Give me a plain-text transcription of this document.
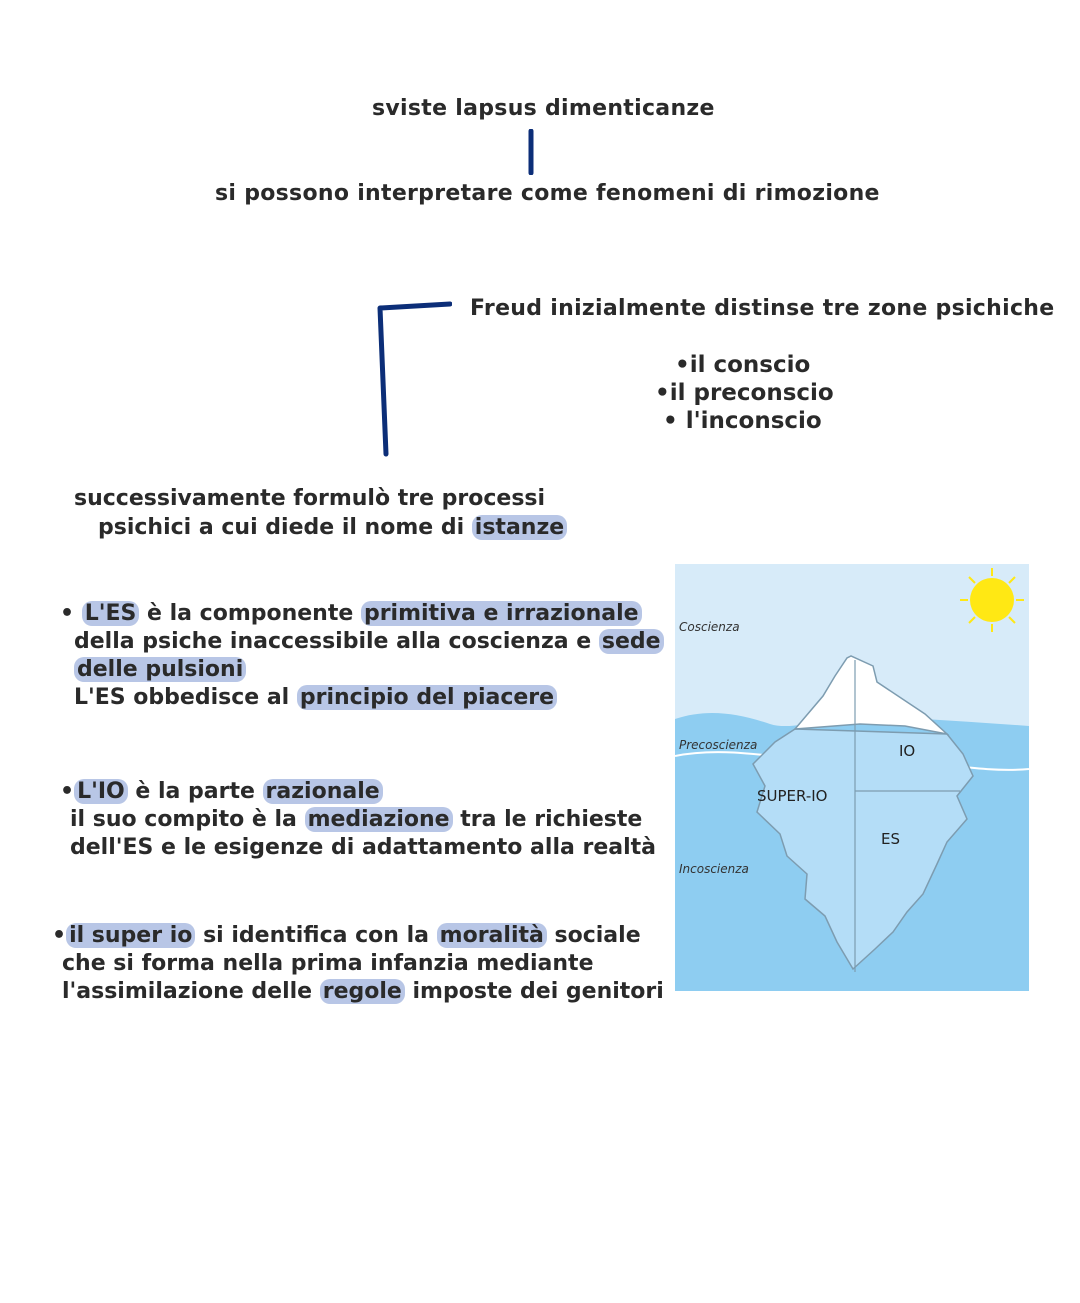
sviste lapsus dimenticanze
si possono interpretare come fenomeni di rimozione
Freud inizialmente distinse tre zone psichiche
•il conscio
•il preconscio
• l'inconscio
successivamente formulò tre processi
psichici a cui diede il nome di istanze
• L'ES è la componente primitiva e irrazionale
della psiche inaccessibile alla coscienza e sede
delle pulsioni
L'ES obbedisce al principio del piacere
• L'IO è la parte razionale
il suo compito è la mediazione tra le richieste
dell'ES e le esigenze di adattamento alla realtà
• il super io si identifica con la moralità sociale
che si forma nella prima infanzia mediante
l'assimilazione delle regole imposte dei genitori
Coscienza
Precoscienza
Incoscienza
IO
SUPER-IO
ES
